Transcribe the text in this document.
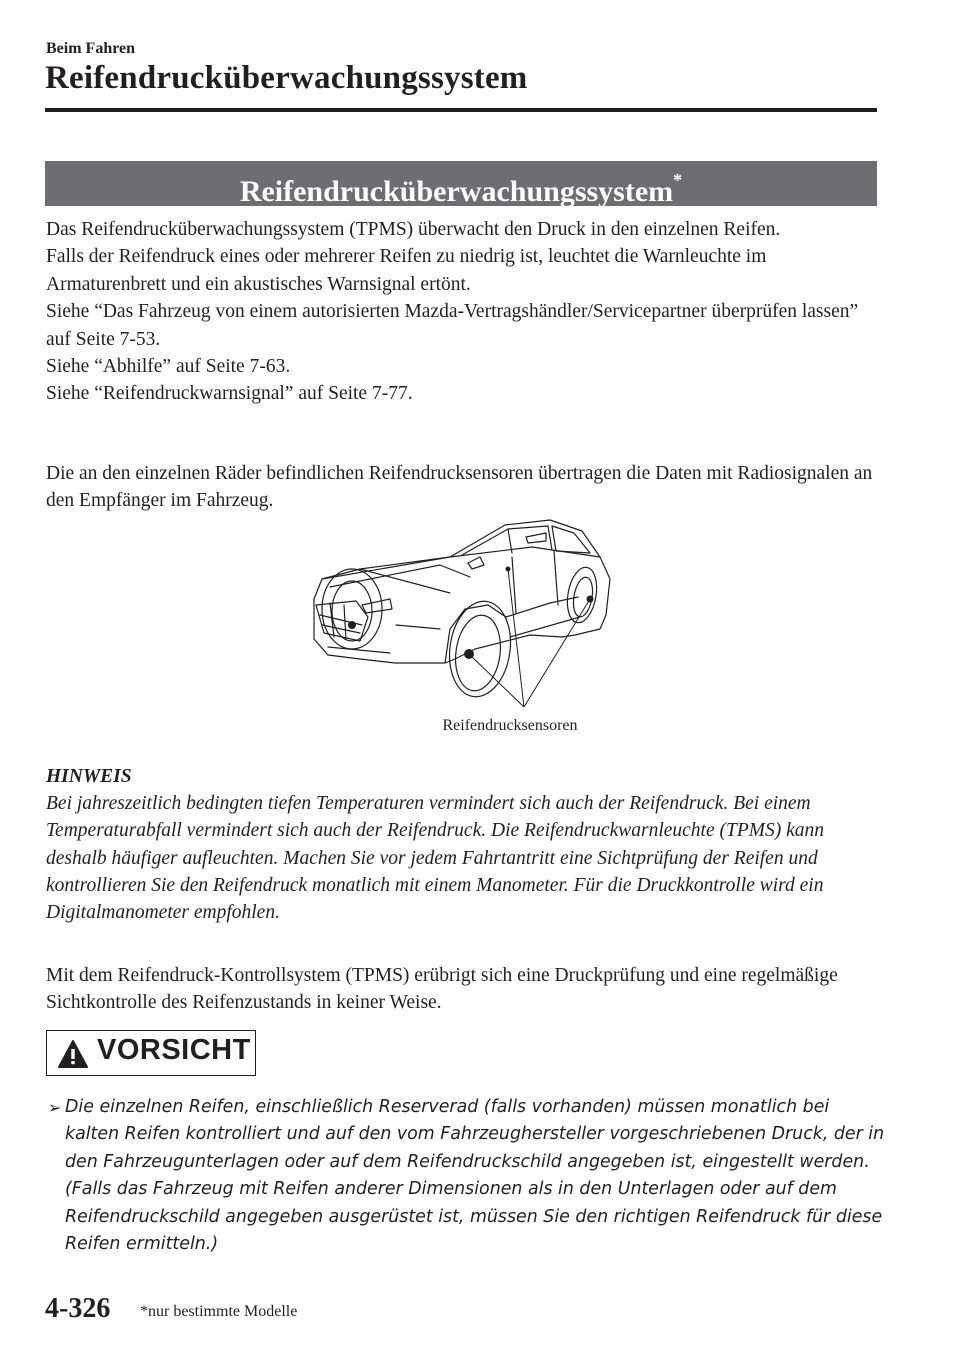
Beim Fahren
Reifendrucküberwachungssystem
Reifendrucküberwachungssystem*

Das Reifendrucküberwachungssystem (TPMS) überwacht den Druck in den einzelnen Reifen.

Falls der Reifendruck eines oder mehrerer Reifen zu niedrig ist, leuchtet die Warnleuchte im Armaturenbrett und ein akustisches Warnsignal ertönt.

Siehe “Das Fahrzeug von einem autorisierten Mazda-Vertragshändler/Servicepartner überprüfen lassen” auf Seite 7-53.

Siehe “Abhilfe” auf Seite 7-63.

Siehe “Reifendruckwarnsignal” auf Seite 7-77.

Die an den einzelnen Räder befindlichen Reifendrucksensoren übertragen die Daten mit Radiosignalen an den Empfänger im Fahrzeug.

Reifendrucksensoren

HINWEIS

Bei jahreszeitlich bedingten tiefen Temperaturen vermindert sich auch der Reifendruck. Bei einem Temperaturabfall vermindert sich auch der Reifendruck. Die Reifendruckwarnleuchte (TPMS) kann deshalb häufiger aufleuchten. Machen Sie vor jedem Fahrtantritt eine Sichtprüfung der Reifen und kontrollieren Sie den Reifendruck monatlich mit einem Manometer. Für die Druckkontrolle wird ein Digitalmanometer empfohlen.

Mit dem Reifendruck-Kontrollsystem (TPMS) erübrigt sich eine Druckprüfung und eine regelmäßige Sichtkontrolle des Reifenzustands in keiner Weise.

VORSICHT
➢ Die einzelnen Reifen, einschließlich Reserverad (falls vorhanden) müssen monatlich bei kalten Reifen kontrolliert und auf den vom Fahrzeughersteller vorgeschriebenen Druck, der in den Fahrzeugunterlagen oder auf dem Reifendruckschild angegeben ist, eingestellt werden. (Falls das Fahrzeug mit Reifen anderer Dimensionen als in den Unterlagen oder auf dem Reifendruckschild angegeben ausgerüstet ist, müssen Sie den richtigen Reifendruck für diese Reifen ermitteln.)
4-326 *nur bestimmte Modelle
